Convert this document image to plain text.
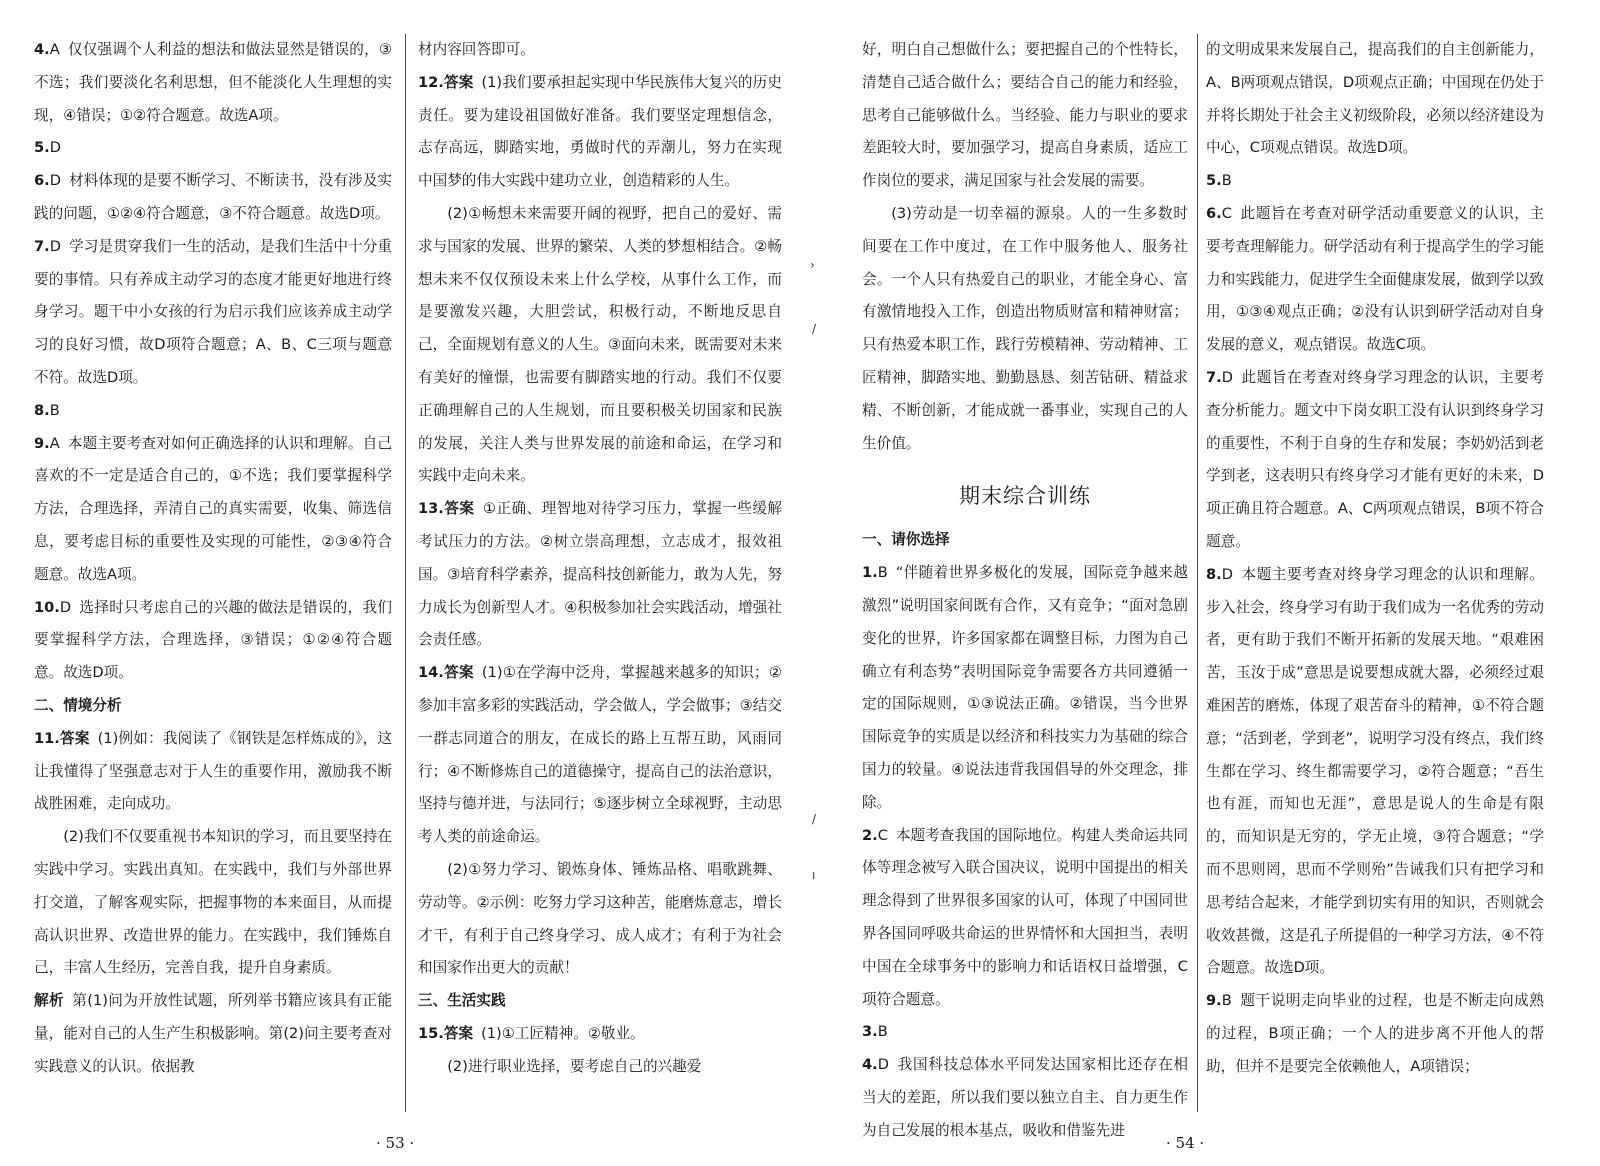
4.A 仅仅强调个人利益的想法和做法显然是错误的，③不选；我们要淡化名利思想，但不能淡化人生理想的实现，④错误；①②符合题意。故选A项。

5.D

6.D 材料体现的是要不断学习、不断读书，没有涉及实践的问题，①②④符合题意，③不符合题意。故选D项。

7.D 学习是贯穿我们一生的活动，是我们生活中十分重要的事情。只有养成主动学习的态度才能更好地进行终身学习。题干中小女孩的行为启示我们应该养成主动学习的良好习惯，故D项符合题意；A、B、C三项与题意不符。故选D项。

8.B

9.A 本题主要考查对如何正确选择的认识和理解。自己喜欢的不一定是适合自己的，①不选；我们要掌握科学方法，合理选择，弄清自己的真实需要，收集、筛选信息，要考虑目标的重要性及实现的可能性，②③④符合题意。故选A项。

10.D 选择时只考虑自己的兴趣的做法是错误的，我们要掌握科学方法，合理选择，③错误；①②④符合题意。故选D项。

二、情境分析

11.答案 (1)例如：我阅读了《钢铁是怎样炼成的》，这让我懂得了坚强意志对于人生的重要作用，激励我不断战胜困难，走向成功。

(2)我们不仅要重视书本知识的学习，而且要坚持在实践中学习。实践出真知。在实践中，我们与外部世界打交道，了解客观实际，把握事物的本来面目，从而提高认识世界、改造世界的能力。在实践中，我们锤炼自己，丰富人生经历，完善自我，提升自身素质。

解析 第(1)问为开放性试题，所列举书籍应该具有正能量，能对自己的人生产生积极影响。第(2)问主要考查对实践意义的认识。依据教

材内容回答即可。

12.答案 (1)我们要承担起实现中华民族伟大复兴的历史责任。要为建设祖国做好准备。我们要坚定理想信念，志存高远，脚踏实地，勇做时代的弄潮儿，努力在实现中国梦的伟大实践中建功立业，创造精彩的人生。

(2)①畅想未来需要开阔的视野，把自己的爱好、需求与国家的发展、世界的繁荣、人类的梦想相结合。②畅想未来不仅仅预设未来上什么学校，从事什么工作，而是要激发兴趣，大胆尝试，积极行动，不断地反思自己，全面规划有意义的人生。③面向未来，既需要对未来有美好的憧憬，也需要有脚踏实地的行动。我们不仅要正确理解自己的人生规划，而且要积极关切国家和民族的发展，关注人类与世界发展的前途和命运，在学习和实践中走向未来。

13.答案 ①正确、理智地对待学习压力，掌握一些缓解考试压力的方法。②树立崇高理想，立志成才，报效祖国。③培育科学素养，提高科技创新能力，敢为人先，努力成长为创新型人才。④积极参加社会实践活动，增强社会责任感。

14.答案 (1)①在学海中泛舟，掌握越来越多的知识；②参加丰富多彩的实践活动，学会做人，学会做事；③结交一群志同道合的朋友，在成长的路上互帮互助，风雨同行；④不断修炼自己的道德操守，提高自己的法治意识，坚持与德并进，与法同行；⑤逐步树立全球视野，主动思考人类的前途命运。

(2)①努力学习、锻炼身体、锤炼品格、唱歌跳舞、劳动等。②示例：吃努力学习这种苦，能磨炼意志，增长才干，有利于自己终身学习、成人成才；有利于为社会和国家作出更大的贡献！

三、生活实践

15.答案 (1)①工匠精神。②敬业。

(2)进行职业选择，要考虑自己的兴趣爱

· 53 ·
›
/
/
ı

好，明白自己想做什么；要把握自己的个性特长，清楚自己适合做什么；要结合自己的能力和经验，思考自己能够做什么。当经验、能力与职业的要求差距较大时，要加强学习，提高自身素质，适应工作岗位的要求，满足国家与社会发展的需要。

(3)劳动是一切幸福的源泉。人的一生多数时间要在工作中度过，在工作中服务他人、服务社会。一个人只有热爱自己的职业，才能全身心、富有激情地投入工作，创造出物质财富和精神财富；只有热爱本职工作，践行劳模精神、劳动精神、工匠精神，脚踏实地、勤勤恳恳、刻苦钻研、精益求精、不断创新，才能成就一番事业，实现自己的人生价值。

期末综合训练

一、请你选择

1.B “伴随着世界多极化的发展，国际竞争越来越激烈”说明国家间既有合作，又有竞争；“面对急剧变化的世界，许多国家都在调整目标，力图为自己确立有利态势”表明国际竞争需要各方共同遵循一定的国际规则，①③说法正确。②错误，当今世界国际竞争的实质是以经济和科技实力为基础的综合国力的较量。④说法违背我国倡导的外交理念，排除。

2.C 本题考查我国的国际地位。构建人类命运共同体等理念被写入联合国决议，说明中国提出的相关理念得到了世界很多国家的认可，体现了中国同世界各国同呼吸共命运的世界情怀和大国担当，表明中国在全球事务中的影响力和话语权日益增强，C项符合题意。

3.B

4.D 我国科技总体水平同发达国家相比还存在相当大的差距，所以我们要以独立自主、自力更生作为自己发展的根本基点，吸收和借鉴先进

的文明成果来发展自己，提高我们的自主创新能力，A、B两项观点错误，D项观点正确；中国现在仍处于并将长期处于社会主义初级阶段，必须以经济建设为中心，C项观点错误。故选D项。

5.B

6.C 此题旨在考查对研学活动重要意义的认识，主要考查理解能力。研学活动有利于提高学生的学习能力和实践能力，促进学生全面健康发展，做到学以致用，①③④观点正确；②没有认识到研学活动对自身发展的意义，观点错误。故选C项。

7.D 此题旨在考查对终身学习理念的认识，主要考查分析能力。题文中下岗女职工没有认识到终身学习的重要性，不利于自身的生存和发展；李奶奶活到老学到老，这表明只有终身学习才能有更好的未来，D项正确且符合题意。A、C两项观点错误，B项不符合题意。

8.D 本题主要考查对终身学习理念的认识和理解。步入社会，终身学习有助于我们成为一名优秀的劳动者，更有助于我们不断开拓新的发展天地。“艰难困苦，玉汝于成”意思是说要想成就大器，必须经过艰难困苦的磨炼，体现了艰苦奋斗的精神，①不符合题意；“活到老，学到老”，说明学习没有终点，我们终生都在学习、终生都需要学习，②符合题意；“吾生也有涯，而知也无涯”，意思是说人的生命是有限的，而知识是无穷的，学无止境，③符合题意；“学而不思则罔，思而不学则殆”告诫我们只有把学习和思考结合起来，才能学到切实有用的知识，否则就会收效甚微，这是孔子所提倡的一种学习方法，④不符合题意。故选D项。

9.B 题干说明走向毕业的过程，也是不断走向成熟的过程，B项正确；一个人的进步离不开他人的帮助，但并不是要完全依赖他人，A项错误；

· 54 ·
